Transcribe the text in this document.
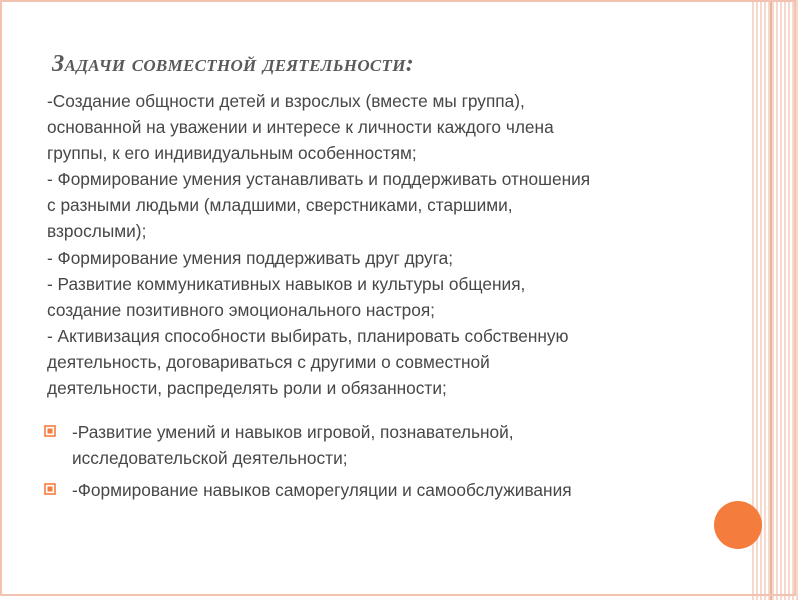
Задачи совместной деятельности:
-Создание общности детей и взрослых (вместе мы группа),
основанной на уважении и интересе к личности каждого члена
группы, к его индивидуальным особенностям;
- Формирование умения устанавливать и поддерживать отношения
с разными людьми (младшими, сверстниками, старшими,
взрослыми);
- Формирование умения поддерживать друг друга;
- Развитие коммуникативных навыков и культуры общения,
создание позитивного эмоционального настроя;
- Активизация способности выбирать, планировать собственную
деятельность, договариваться с другими о совместной
деятельности, распределять роли и обязанности;
-Развитие умений и навыков игровой, познавательной,
исследовательской деятельности;
-Формирование навыков саморегуляции и самообслуживания
